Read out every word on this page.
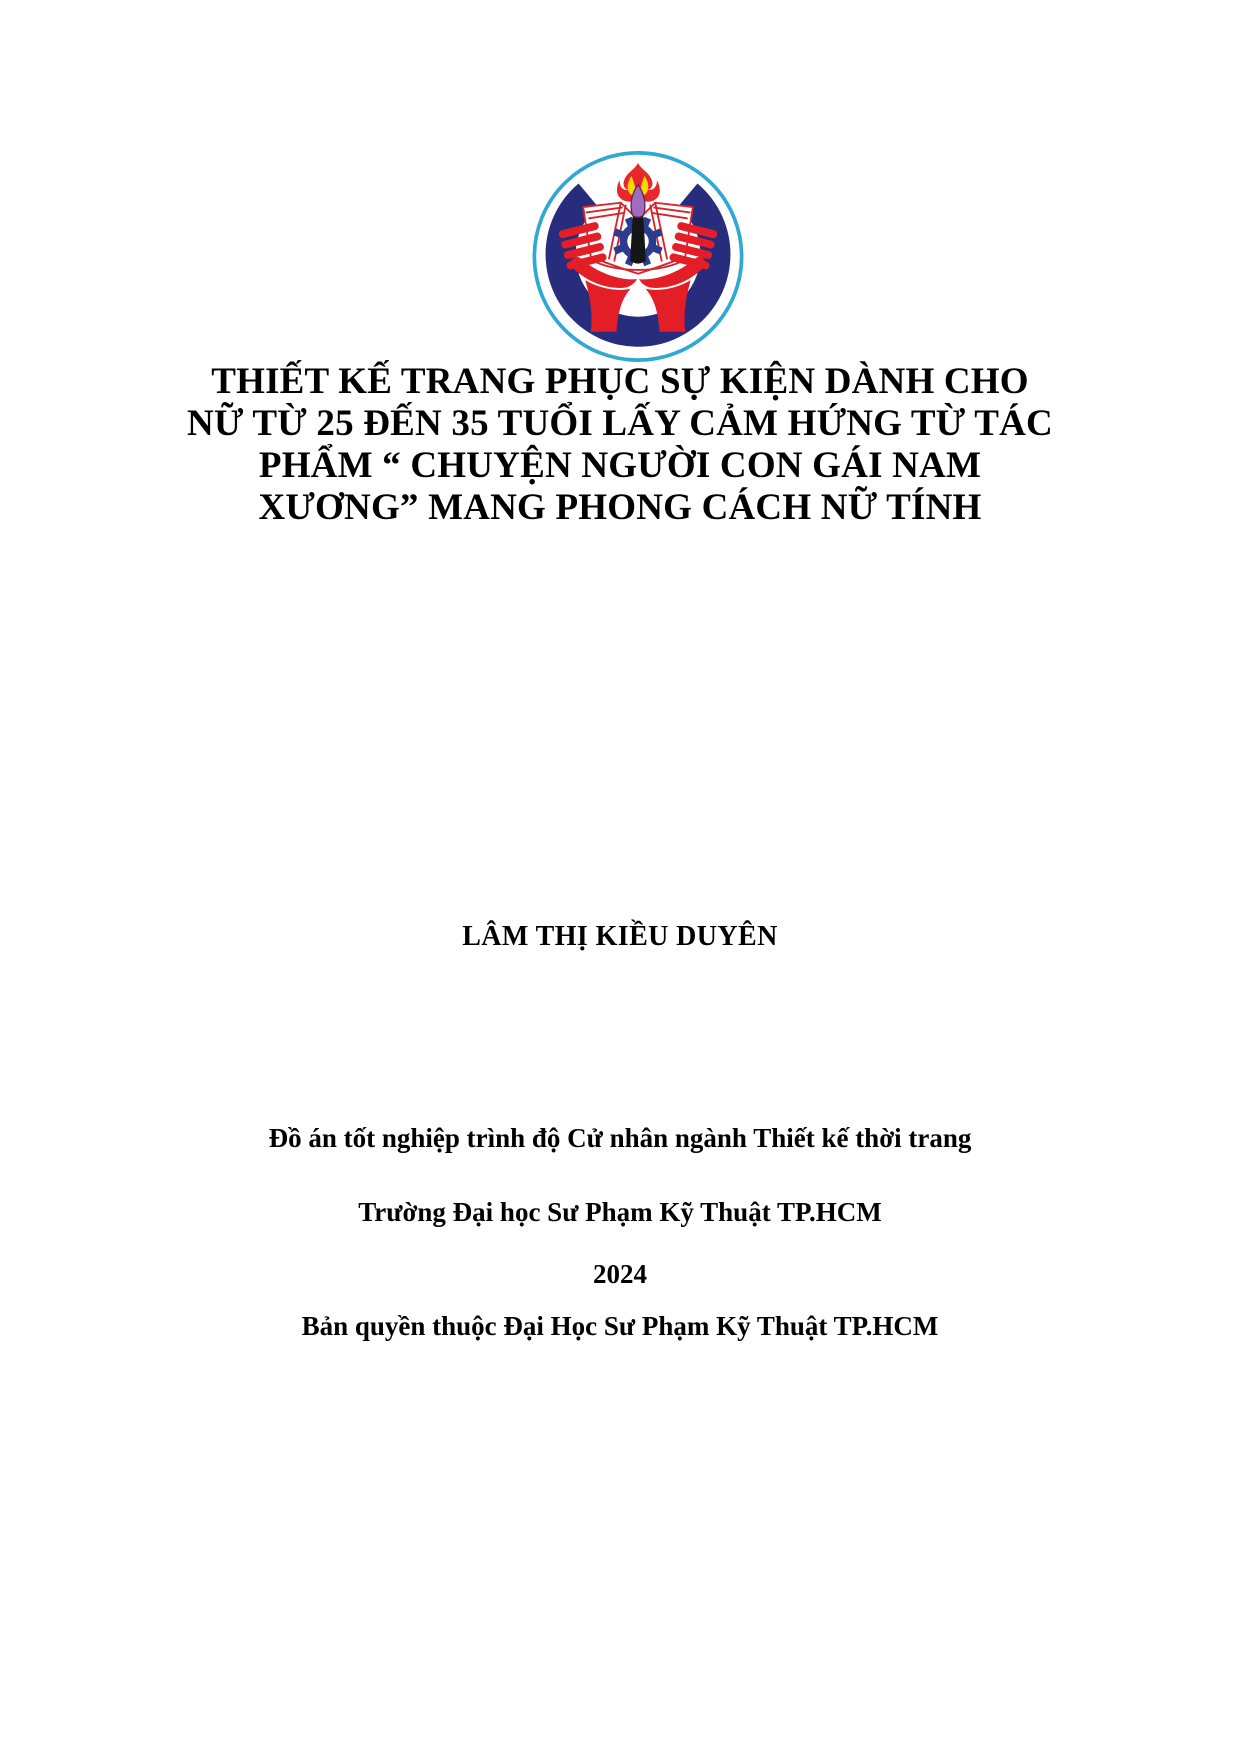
THIẾT KẾ TRANG PHỤC SỰ KIỆN DÀNH CHO
NỮ TỪ 25 ĐẾN 35 TUỔI LẤY CẢM HỨNG TỪ TÁC
PHẨM “ CHUYỆN NGƯỜI CON GÁI NAM
XƯƠNG” MANG PHONG CÁCH NỮ TÍNH
LÂM THỊ KIỀU DUYÊN
Đồ án tốt nghiệp trình độ Cử nhân ngành Thiết kế thời trang
Trường Đại học Sư Phạm Kỹ Thuật TP.HCM
2024
Bản quyền thuộc Đại Học Sư Phạm Kỹ Thuật TP.HCM
